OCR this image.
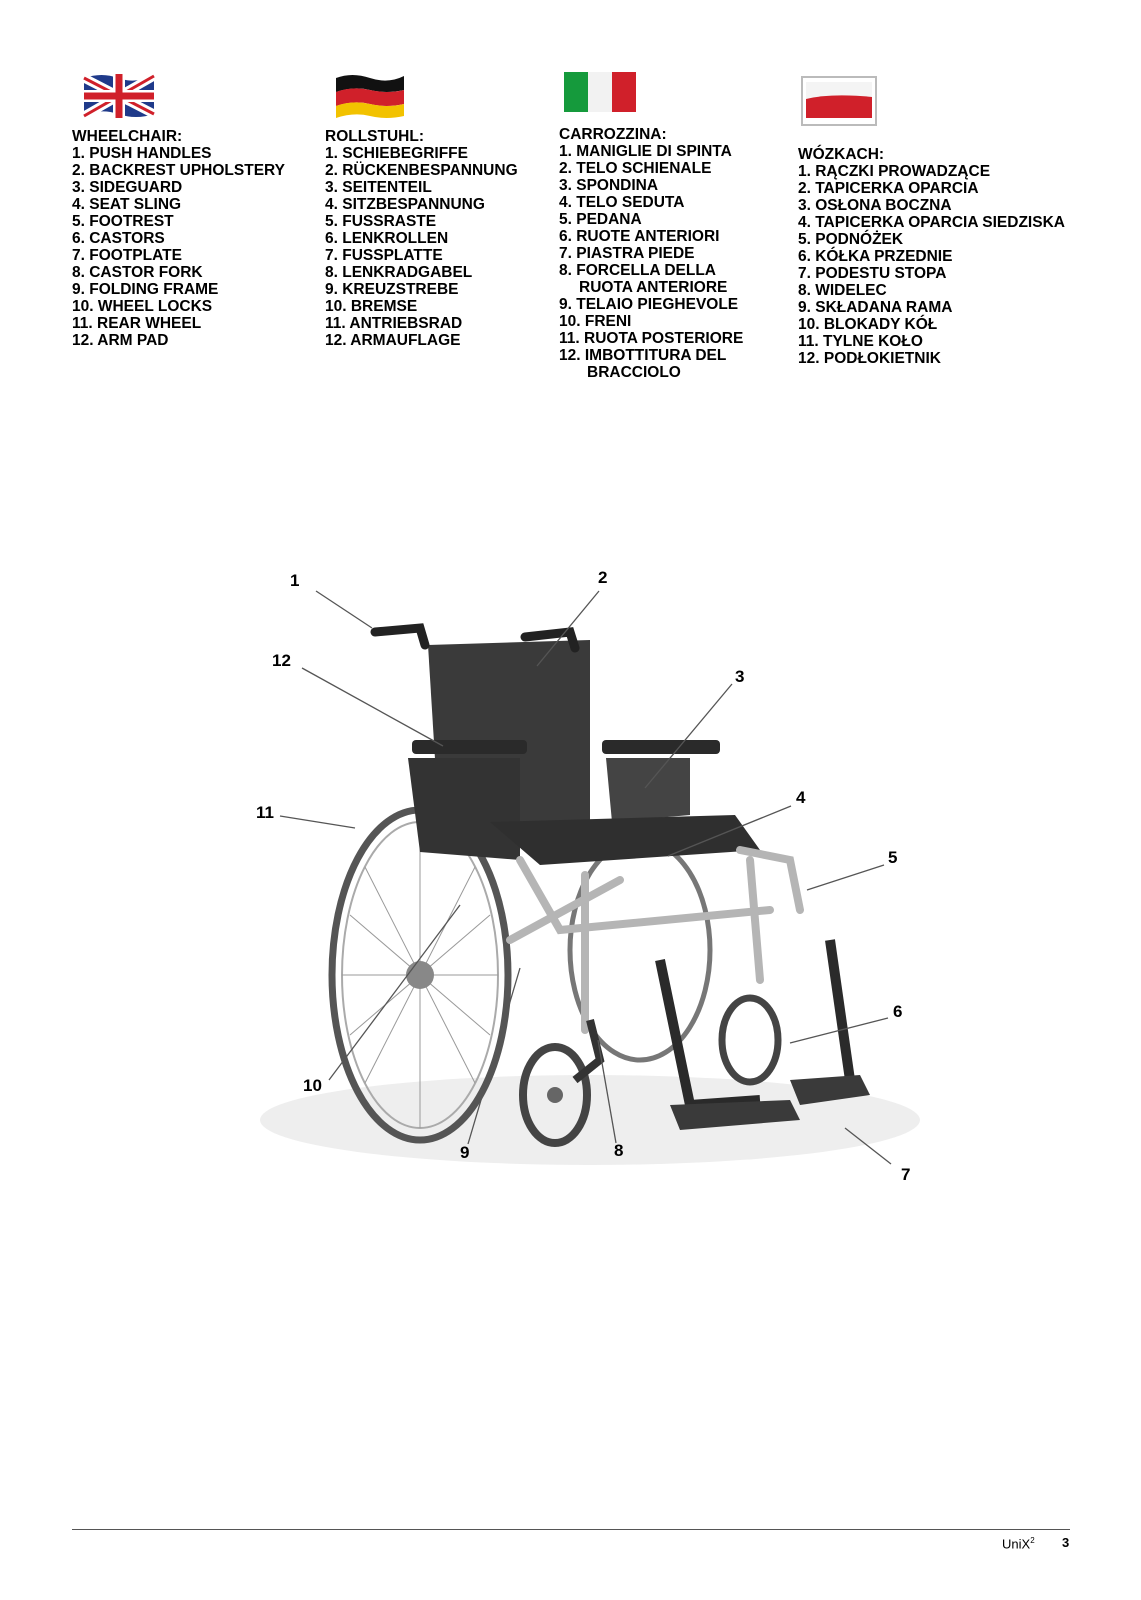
WHEELCHAIR:
1. PUSH HANDLES
2. BACKREST UPHOLSTERY
3. SIDEGUARD
4. SEAT SLING
5. FOOTREST
6. CASTORS
7. FOOTPLATE
8. CASTOR FORK
9. FOLDING FRAME
10. WHEEL LOCKS
11. REAR WHEEL
12. ARM PAD
ROLLSTUHL:
1. SCHIEBEGRIFFE
2. RÜCKENBESPANNUNG
3. SEITENTEIL
4. SITZBESPANNUNG
5. FUSSRASTE
6. LENKROLLEN
7. FUSSPLATTE
8. LENKRADGABEL
9. KREUZSTREBE
10. BREMSE
11. ANTRIEBSRAD
12. ARMAUFLAGE
CARROZZINA:
1. MANIGLIE DI SPINTA
2. TELO SCHIENALE
3. SPONDINA
4. TELO SEDUTA
5. PEDANA
6. RUOTE ANTERIORI
7. PIASTRA PIEDE
8. FORCELLA DELLA
RUOTA ANTERIORE
9. TELAIO PIEGHEVOLE
10. FRENI
11. RUOTA POSTERIORE
12. IMBOTTITURA DEL
BRACCIOLO
WÓZKACH:
1. RĄCZKI PROWADZĄCE
2. TAPICERKA OPARCIA
3. OSŁONA BOCZNA
4. TAPICERKA OPARCIA SIEDZISKA
5. PODNÓŻEK
6. KÓŁKA PRZEDNIE
7. PODESTU STOPA
8. WIDELEC
9. SKŁADANA RAMA
10. BLOKADY KÓŁ
11. TYLNE KOŁO
12. PODŁOKIETNIK
1	2
3
4
5
6
7
8
9
10
11
12
UniX$^2$ 3
